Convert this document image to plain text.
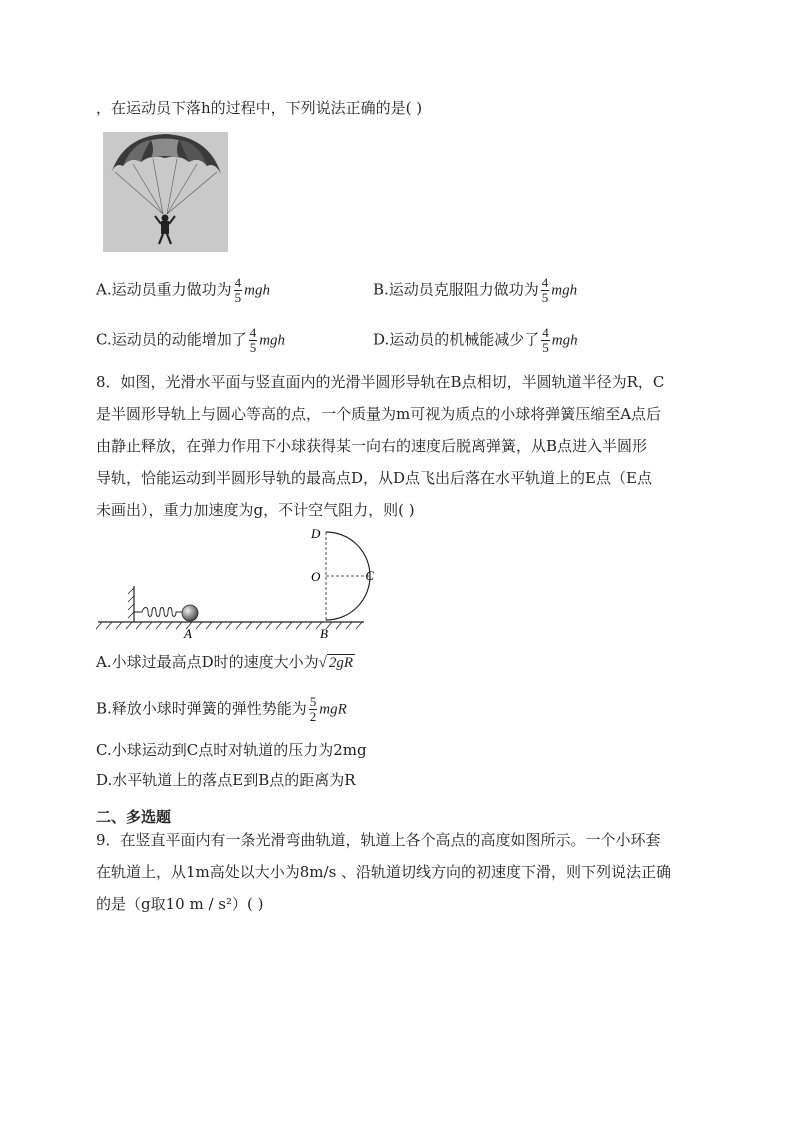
，在运动员下落h的过程中，下列说法正确的是( )
A.运动员重力做功为 $\frac{4}{5}$ mgh	B.运动员克服阻力做功为 $\frac{4}{5}$ mgh
C.运动员的动能增加了 $\frac{4}{5}$ mgh	D.运动员的机械能减少了 $\frac{4}{5}$ mgh
8．如图，光滑水平面与竖直面内的光滑半圆形导轨在B点相切，半圆轨道半径为R，C
是半圆形导轨上与圆心等高的点，一个质量为m可视为质点的小球将弹簧压缩至A点后
由静止释放，在弹力作用下小球获得某一向右的速度后脱离弹簧，从B点进入半圆形
导轨，恰能运动到半圆形导轨的最高点D，从D点飞出后落在水平轨道上的E点（E点
未画出），重力加速度为g，不计空气阻力，则( )
D
O	C
A	B
A.小球过最高点D时的速度大小为√ 2gR
B.释放小球时弹簧的弹性势能为 $\frac{5}{2}$ mgR
C.小球运动到C点时对轨道的压力为2mg
D.水平轨道上的落点E到B点的距离为R
二、多选题
9．在竖直平面内有一条光滑弯曲轨道，轨道上各个高点的高度如图所示。一个小环套
在轨道上，从1m高处以大小为8m/s 、沿轨道切线方向的初速度下滑，则下列说法正确
的是（g取10 m / s²）( )
